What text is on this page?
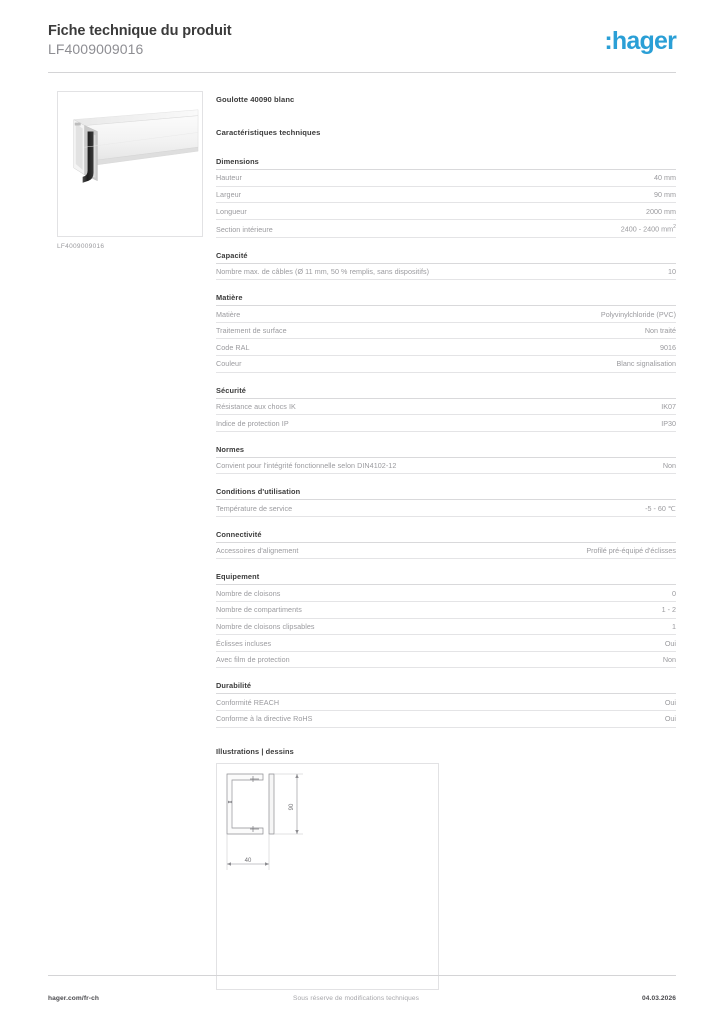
Fiche technique du produit
LF4009009016	:hager
LF4009009016
Goulotte 40090 blanc
Caractéristiques techniques
Dimensions
Hauteur	40 mm
Largeur	90 mm
Longueur	2000 mm
Section intérieure	2400 - 2400 $mm^2$
Capacité
Nombre max. de câbles (Ø 11 mm, 50 % remplis, sans dispositifs)	10
Matière
Matière	Polyvinylchloride (PVC)
Traitement de surface	Non traité
Code RAL	9016
Couleur	Blanc signalisation
Sécurité
Résistance aux chocs IK	IK07
Indice de protection IP	IP30
Normes
Convient pour l'intégrité fonctionnelle selon DIN4102-12	Non
Conditions d'utilisation
Température de service	-5 - 60 ℃
Connectivité
Accessoires d'alignement	Profilé pré-équipé d'éclisses
Equipement
Nombre de cloisons	0
Nombre de compartiments	1 - 2
Nombre de cloisons clipsables	1
Éclisses incluses	Oui
Avec film de protection	Non
Durabilité
Conformité REACH	Oui
Conforme à la directive RoHS	Oui
Illustrations | dessins
90
40
hager.com/fr-ch	Sous réserve de modifications techniques	04.03.2026
